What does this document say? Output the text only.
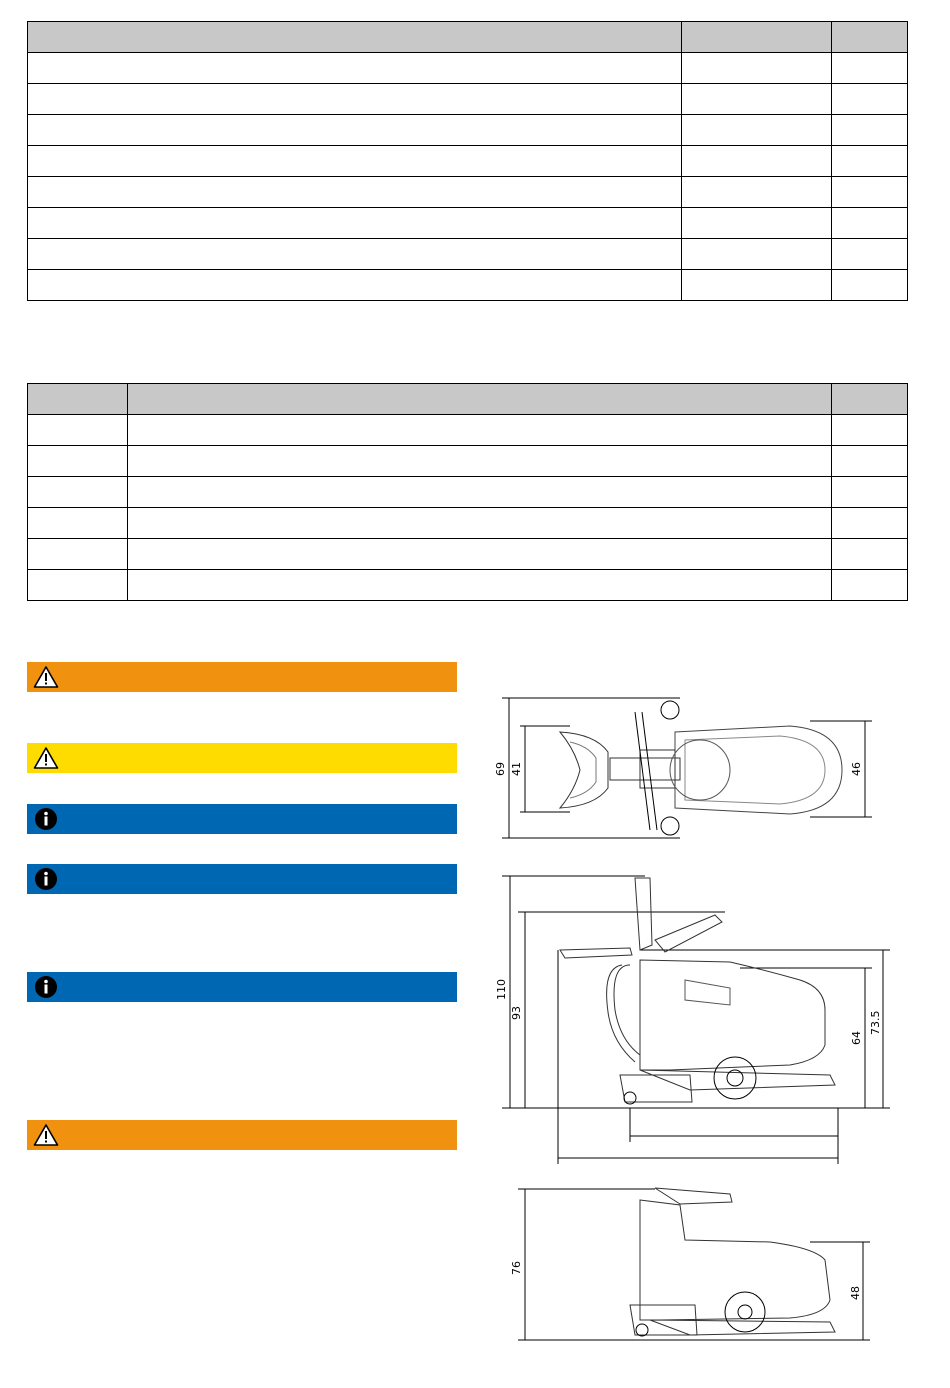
69 41	46
110
93	73.5
64
76
48
